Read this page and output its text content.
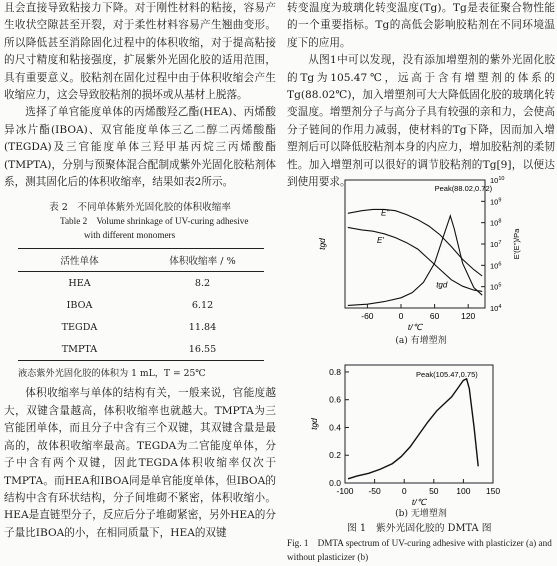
且会直接导致粘接力下降。对于刚性材料的粘接，容易产生收状空隙甚至开裂，对于柔性材料容易产生翘曲变形。所以降低甚至消除固化过程中的体积收缩，对于提高粘接的尺寸精度和粘接强度，扩展紫外光固化胶的适用范围，具有重要意义。胶粘剂在固化过程中由于体积收缩会产生收缩应力，这会导致胶粘剂的损坏或从基材上脱落。

选择了单官能度单体的丙烯酸羟乙酯(HEA)、丙烯酸异冰片酯(IBOA)、双官能度单体三乙二醇二丙烯酸酯(TEGDA)及三官能度单体三羟甲基丙烷三丙烯酸酯(TMPTA)，分别与预聚体混合配制成紫外光固化胶粘剂体系，测其固化后的体积收缩率，结果如表2所示。

表 2　不同单体紫外光固化胶的体积收缩率
Table 2　Volume shrinkage of UV-curing adhesive
with different monomers
活性单体	体积收缩率 / %
HEA	8.2
IBOA	6.12
TEGDA	11.84
TMPTA	16.55
液态紫外光固化胶的体积为 1 mL，T = 25℃

体积收缩率与单体的结构有关，一般来说，官能度越大，双键含量越高，体积收缩率也就越大。TMPTA为三官能团单体，而且分子中含有三个双键，其双键含量是最高的，故体积收缩率最高。TEGDA为二官能度单体，分子中含有两个双键，因此TEGDA体积收缩率仅次于TMPTA。而HEA和IBOA同是单官能度单体，但IBOA的结构中含有环状结构，分子间堆砌不紧密，体积收缩小。HEA是直链型分子，反应后分子堆砌紧密，另外HEA的分子量比IBOA的小，在相同质量下，HEA的双键

转变温度为玻璃化转变温度(Tg)。Tg是表征聚合物性能的一个重要指标。Tg的高低会影响胶粘剂在不同环境温度下的应用。

从图1中可以发现，没有添加增塑剂的紫外光固化胶的Tg为105.47℃，远高于含有增塑剂的体系的Tg(88.02℃)，加入增塑剂可大大降低固化胶的玻璃化转变温度。增塑剂分子与高分子具有较强的亲和力，会使高分子链间的作用力减弱，使材料的Tg下降，因而加入增塑剂后可以降低胶粘剂本身的内应力，增加胶粘剂的柔韧性。加入增塑剂可以很好的调节胶粘剂的Tg[9]，以便达到使用要求。

-60	0	60	120
$10^4$
$10^5$
$10^6$
$10^7$
$10^8$
$10^9$
$10^{10}$
t/℃
tgd	E'(E'')/Pa
E''
E'
tgd
Peak(88.02,0.72)
(a) 有增塑剂
-100 -50 0	50 100 150
0.0
0.2
0.4
0.6
0.8
t/℃
tgd
Peak(105.47,0.75)
(b) 无增塑剂
图 1　紫外光固化胶的 DMTA 图
Fig. 1　DMTA spectrum of UV-curing adhesive with plasticizer (a) and without plasticizer (b)
